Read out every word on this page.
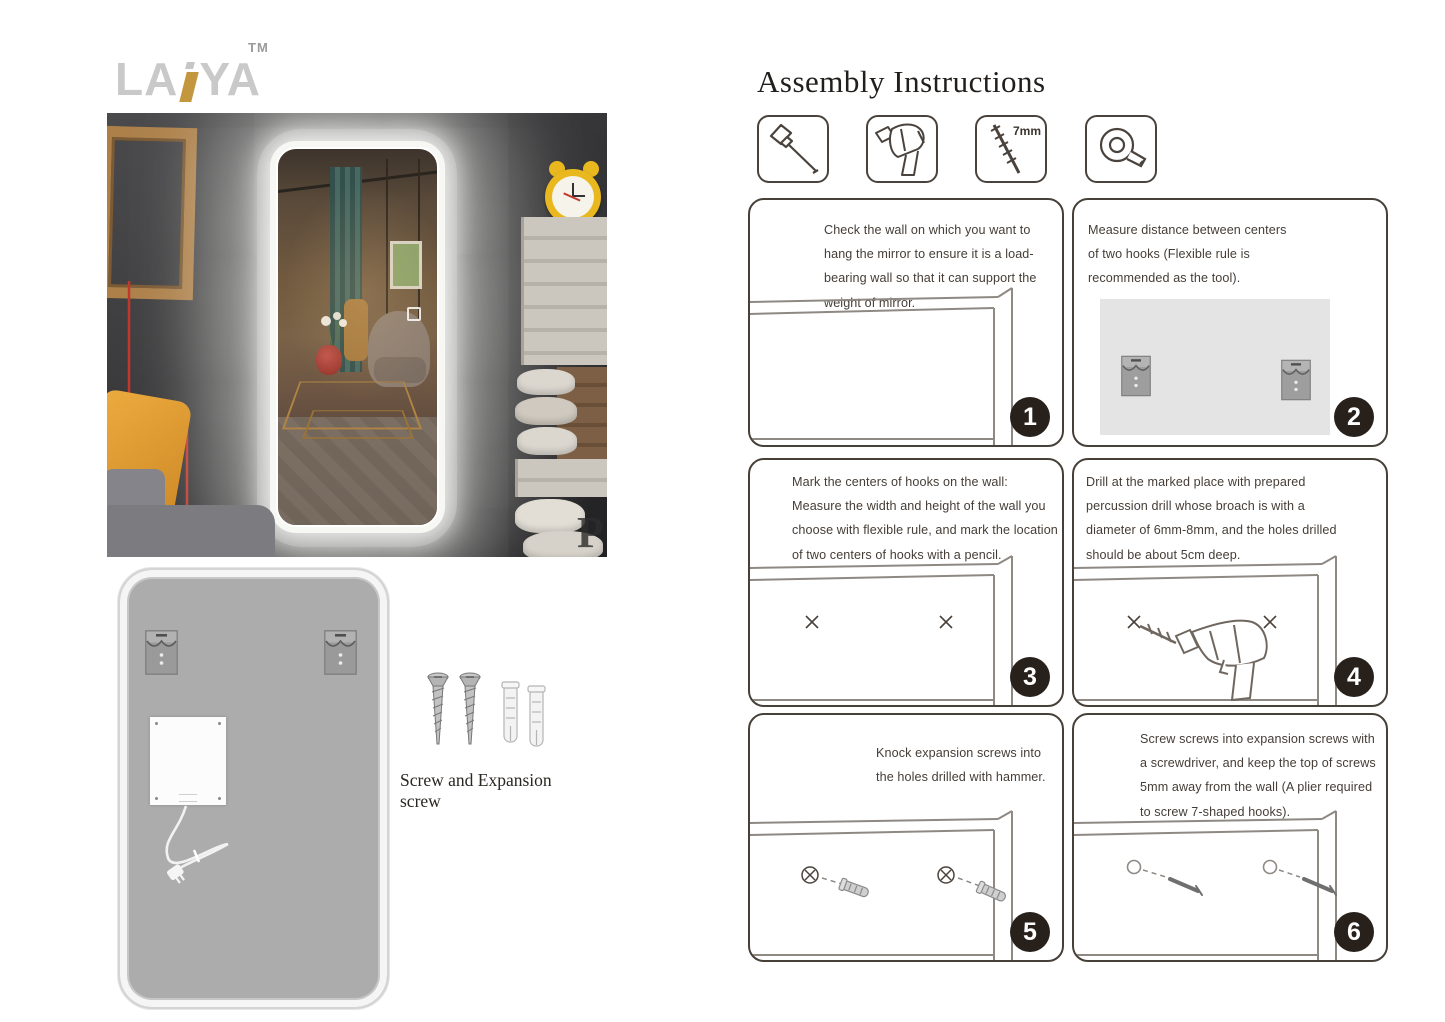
LA YA
TM
P
Screw and Expansion screw
Assembly Instructions
7mm
Check the wall on which you want to hang the mirror to ensure it is a load-bearing wall so that it can support the weight of mirror.
1
Measure distance between centers of two hooks (Flexible rule is recommended as the tool).
2
Mark the centers of hooks on the wall: Measure the width and height of the wall you choose with flexible rule, and mark the location of two centers of hooks with a pencil.
3
Drill at the marked place with prepared percussion drill whose broach is with a diameter of 6mm-8mm, and the holes drilled should be about 5cm deep.
4
Knock expansion screws into the holes drilled with hammer.
5
Screw screws into expansion screws with a screwdriver, and keep the top of screws 5mm away from the wall (A plier required to screw 7-shaped hooks).
6
